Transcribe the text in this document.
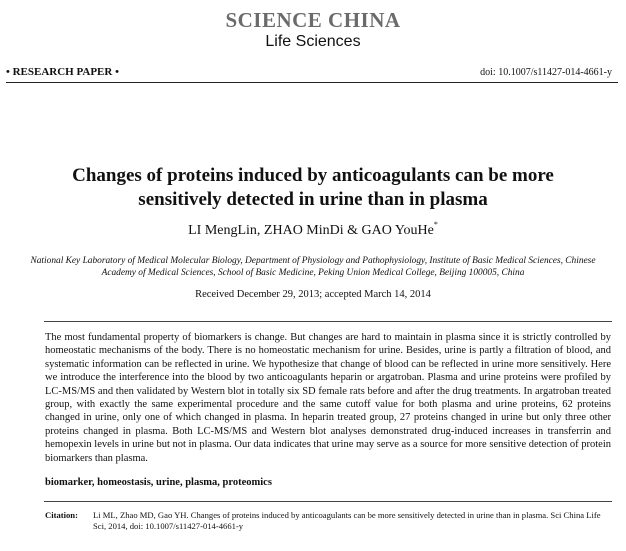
SCIENCE CHINA
Life Sciences
• RESEARCH PAPER •	doi: 10.1007/s11427-014-4661-y
Changes of proteins induced by anticoagulants can be more sensitively detected in urine than in plasma
LI MengLin, ZHAO MinDi & GAO YouHe*
National Key Laboratory of Medical Molecular Biology, Department of Physiology and Pathophysiology, Institute of Basic Medical Sciences, Chinese Academy of Medical Sciences, School of Basic Medicine, Peking Union Medical College, Beijing 100005, China
Received December 29, 2013; accepted March 14, 2014
The most fundamental property of biomarkers is change. But changes are hard to maintain in plasma since it is strictly controlled by homeostatic mechanisms of the body. There is no homeostatic mechanism for urine. Besides, urine is partly a filtration of blood, and systematic information can be reflected in urine. We hypothesize that change of blood can be reflected in urine more sensitively. Here we introduce the interference into the blood by two anticoagulants heparin or argatroban. Plasma and urine proteins were profiled by LC-MS/MS and then validated by Western blot in totally six SD female rats before and after the drug treatments. In argatroban treated group, with exactly the same experimental procedure and the same cutoff value for both plasma and urine proteins, 62 proteins changed in urine, only one of which changed in plasma. In heparin treated group, 27 proteins changed in urine but only three other proteins changed in plasma. Both LC-MS/MS and Western blot analyses demonstrated drug-induced increases in transferrin and hemopexin levels in urine but not in plasma. Our data indicates that urine may serve as a source for more sensitive detection of protein biomarkers than plasma.
biomarker, homeostasis, urine, plasma, proteomics
Citation: Li ML, Zhao MD, Gao YH. Changes of proteins induced by anticoagulants can be more sensitively detected in urine than in plasma. Sci China Life Sci, 2014, doi: 10.1007/s11427-014-4661-y
